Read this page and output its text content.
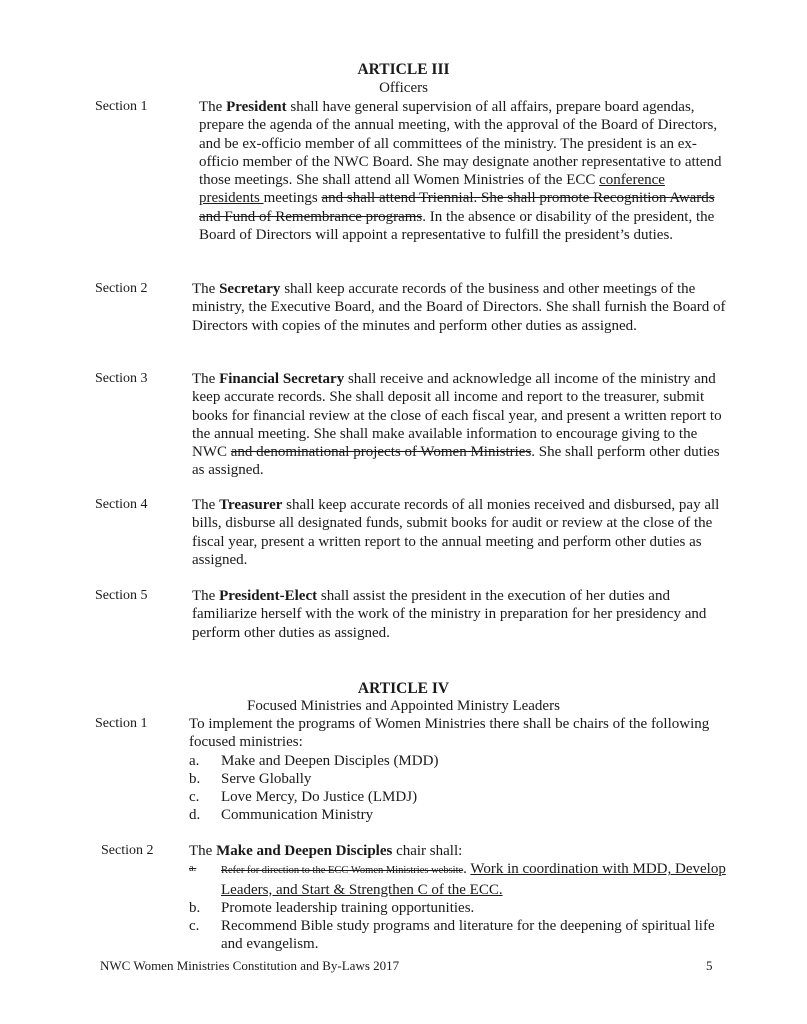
ARTICLE III
Officers
Section 1	The President shall have general supervision of all affairs, prepare board agendas, prepare the agenda of the annual meeting, with the approval of the Board of Directors, and be ex-officio member of all committees of the ministry. The president is an ex-officio member of the NWC Board. She may designate another representative to attend those meetings. She shall attend all Women Ministries of the ECC conference presidents meetings and shall attend Triennial. She shall promote Recognition Awards and Fund of Remembrance programs. In the absence or disability of the president, the Board of Directors will appoint a representative to fulfill the president’s duties.

Section 2	The Secretary shall keep accurate records of the business and other meetings of the ministry, the Executive Board, and the Board of Directors. She shall furnish the Board of Directors with copies of the minutes and perform other duties as assigned.

Section 3	The Financial Secretary shall receive and acknowledge all income of the ministry and keep accurate records. She shall deposit all income and report to the treasurer, submit books for financial review at the close of each fiscal year, and present a written report to the annual meeting. She shall make available information to encourage giving to the NWC and denominational projects of Women Ministries. She shall perform other duties as assigned.

Section 4	The Treasurer shall keep accurate records of all monies received and disbursed, pay all bills, disburse all designated funds, submit books for audit or review at the close of the fiscal year, present a written report to the annual meeting and perform other duties as assigned.

Section 5	The President-Elect shall assist the president in the execution of her duties and familiarize herself with the work of the ministry in preparation for her presidency and perform other duties as assigned.

ARTICLE IV
Focused Ministries and Appointed Ministry Leaders
Section 1	To implement the programs of Women Ministries there shall be chairs of the following focused ministries:

a. Make and Deepen Disciples (MDD)
b. Serve Globally
c. Love Mercy, Do Justice (LMDJ)
d. Communication Ministry
Section 2 The Make and Deepen Disciples chair shall:

a. Refer for direction to the ECC Women Ministries website. Work in coordination with MDD, Develop Leaders, and Start & Strengthen C of the ECC.
b. Promote leadership training opportunities.
c. Recommend Bible study programs and literature for the deepening of spiritual life and evangelism.
NWC Women Ministries Constitution and By-Laws 2017	5
